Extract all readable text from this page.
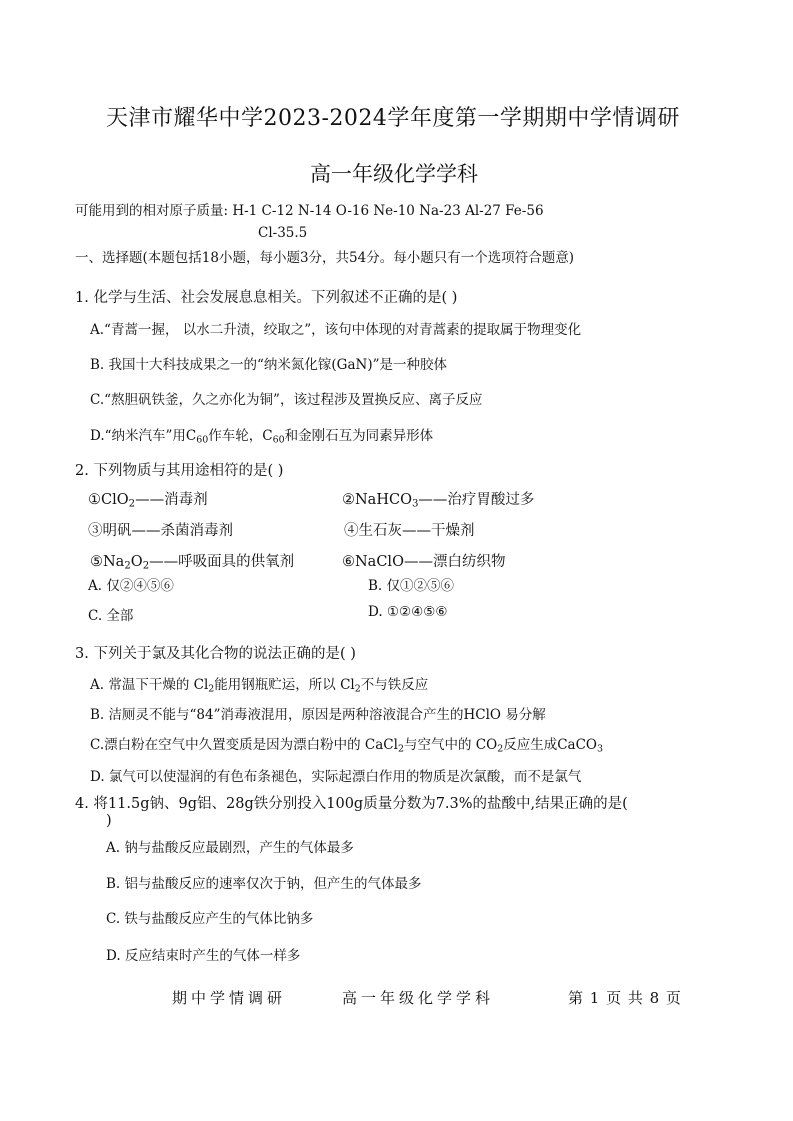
天津市耀华中学2023-2024学年度第一学期期中学情调研
高一年级化学学科
可能用到的相对原子质量: H-1 C-12 N-14 O-16 Ne-10 Na-23 Al-27 Fe-56
Cl-35.5
一、选择题(本题包括18小题，每小题3分，共54分。每小题只有一个选项符合题意)
1. 化学与生活、社会发展息息相关。下列叙述不正确的是( )
A.“青蒿一握， 以水二升渍，绞取之”，该句中体现的对青蒿素的提取属于物理变化
B. 我国十大科技成果之一的“纳米氮化镓(GaN)”是一种胶体
C.“熬胆矾铁釜，久之亦化为铜”，该过程涉及置换反应、离子反应
D.“纳米汽车”用$C_{60}$作车轮，$C_{60}$和金刚石互为同素异形体
2. 下列物质与其用途相符的是( )
①ClO$_2$——消毒剂	②NaHCO$_3$——治疗胃酸过多
③明矾——杀菌消毒剂	④生石灰——干燥剂
$⑤Na_2O_2——$呼吸面具的供氧剂	⑥NaClO——漂白纺织物
A. 仅②④⑤⑥	B. 仅①②⑤⑥
C. 全部	D. ①②④⑤⑥
3. 下列关于氯及其化合物的说法正确的是( )
A. 常温下干燥的 $Cl_2$能用钢瓶贮运，所以 $Cl_2$不与铁反应
B. 洁厕灵不能与“84”消毒液混用，原因是两种溶液混合产生的HClO 易分解
C.漂白粉在空气中久置变质是因为漂白粉中的 CaCl$_2$与空气中的 $CO_2$反应生成CaCO$_3$
D. 氯气可以使湿润的有色布条褪色，实际起漂白作用的物质是次氯酸，而不是氯气
4. 将11.5g钠、9g铝、28g铁分别投入100g质量分数为7.3%的盐酸中,结果正确的是(
)
A. 钠与盐酸反应最剧烈，产生的气体最多
B. 铝与盐酸反应的速率仅次于钠，但产生的气体最多
C. 铁与盐酸反应产生的气体比钠多
D. 反应结束时产生的气体一样多
期中学情调研	高一年级化学学科	第 1 页 共 8 页
